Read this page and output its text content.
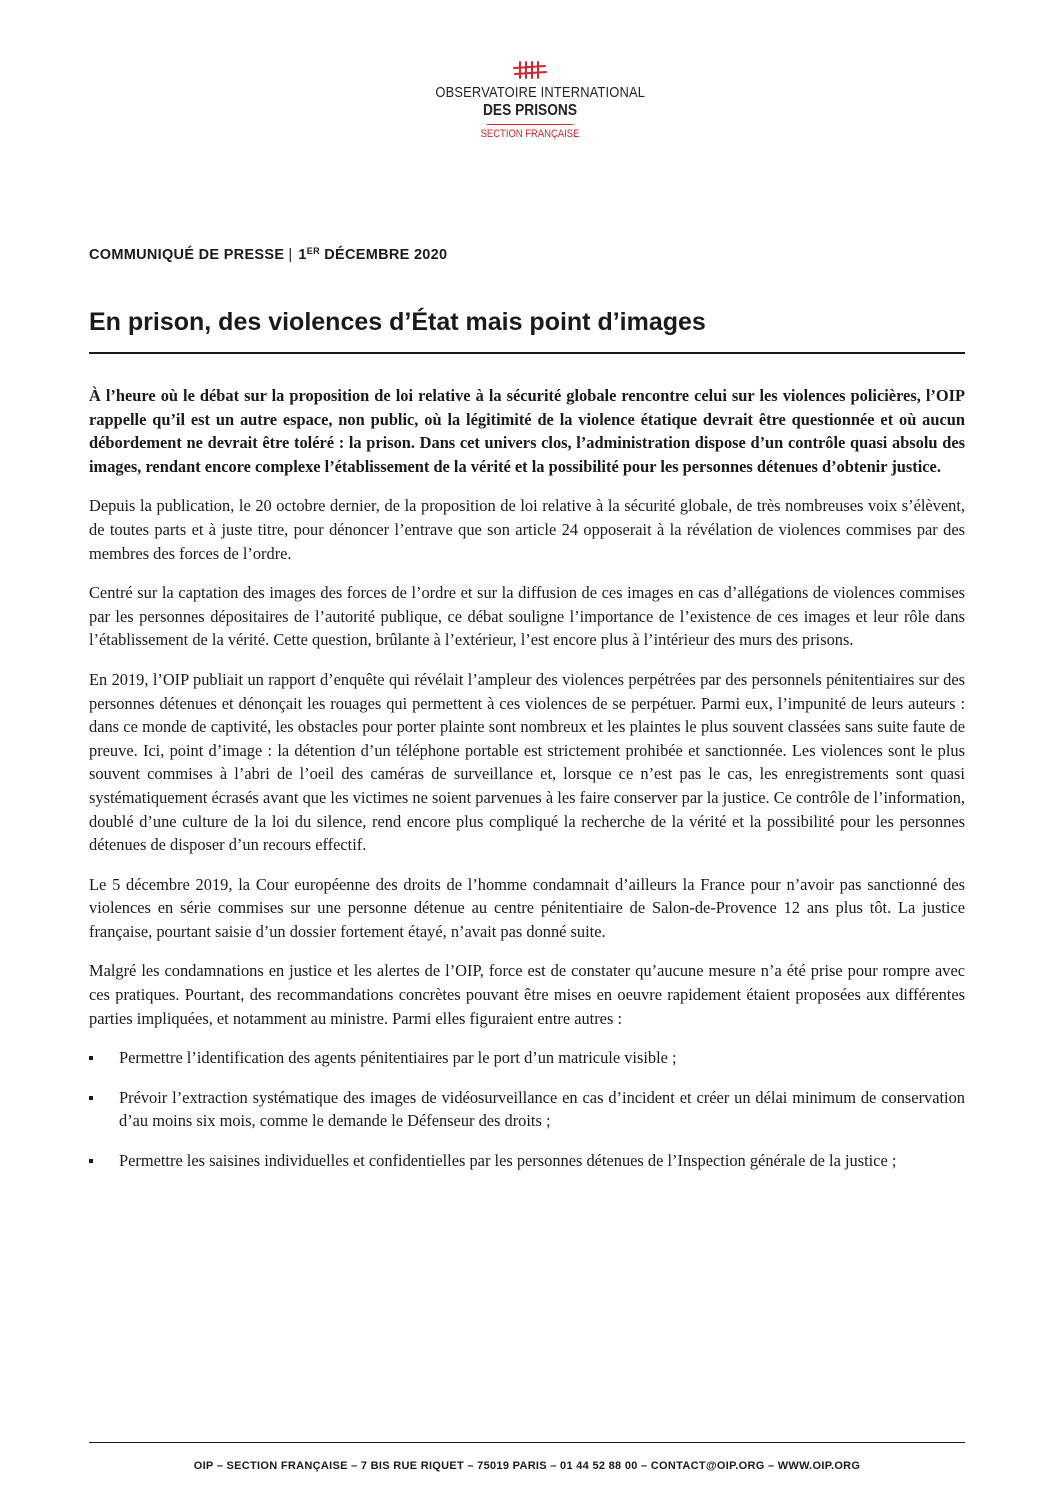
OBSERVATOIRE INTERNATIONAL
DES PRISONS
SECTION FRANÇAISE
COMMUNIQUÉ DE PRESSE | 1ER DÉCEMBRE 2020
En prison, des violences d’État mais point d’images

À l’heure où le débat sur la proposition de loi relative à la sécurité globale rencontre celui sur les violences policières, l’OIP rappelle qu’il est un autre espace, non public, où la légitimité de la violence étatique devrait être questionnée et où aucun débordement ne devrait être toléré : la prison. Dans cet univers clos, l’administration dispose d’un contrôle quasi absolu des images, rendant encore complexe l’établissement de la vérité et la possibilité pour les personnes détenues d’obtenir justice.

Depuis la publication, le 20 octobre dernier, de la proposition de loi relative à la sécurité globale, de très nombreuses voix s’élèvent, de toutes parts et à juste titre, pour dénoncer l’entrave que son article 24 opposerait à la révélation de violences commises par des membres des forces de l’ordre.

Centré sur la captation des images des forces de l’ordre et sur la diffusion de ces images en cas d’allégations de violences commises par les personnes dépositaires de l’autorité publique, ce débat souligne l’importance de l’existence de ces images et leur rôle dans l’établissement de la vérité. Cette question, brûlante à l’extérieur, l’est encore plus à l’intérieur des murs des prisons.

En 2019, l’OIP publiait un rapport d’enquête qui révélait l’ampleur des violences perpétrées par des personnels pénitentiaires sur des personnes détenues et dénonçait les rouages qui permettent à ces violences de se perpétuer. Parmi eux, l’impunité de leurs auteurs : dans ce monde de captivité, les obstacles pour porter plainte sont nombreux et les plaintes le plus souvent classées sans suite faute de preuve. Ici, point d’image : la détention d’un téléphone portable est strictement prohibée et sanctionnée. Les violences sont le plus souvent commises à l’abri de l’oeil des caméras de surveillance et, lorsque ce n’est pas le cas, les enregistrements sont quasi systématiquement écrasés avant que les victimes ne soient parvenues à les faire conserver par la justice. Ce contrôle de l’information, doublé d’une culture de la loi du silence, rend encore plus compliqué la recherche de la vérité et la possibilité pour les personnes détenues de disposer d’un recours effectif.

Le 5 décembre 2019, la Cour européenne des droits de l’homme condamnait d’ailleurs la France pour n’avoir pas sanctionné des violences en série commises sur une personne détenue au centre pénitentiaire de Salon-de-Provence 12 ans plus tôt. La justice française, pourtant saisie d’un dossier fortement étayé, n’avait pas donné suite.

Malgré les condamnations en justice et les alertes de l’OIP, force est de constater qu’aucune mesure n’a été prise pour rompre avec ces pratiques. Pourtant, des recommandations concrètes pouvant être mises en oeuvre rapidement étaient proposées aux différentes parties impliquées, et notamment au ministre. Parmi elles figuraient entre autres :

Permettre l’identification des agents pénitentiaires par le port d’un matricule visible ;
Prévoir l’extraction systématique des images de vidéosurveillance en cas d’incident et créer un délai minimum de conservation d’au moins six mois, comme le demande le Défenseur des droits ;
Permettre les saisines individuelles et confidentielles par les personnes détenues de l’Inspection générale de la justice ;
OIP – SECTION FRANÇAISE – 7 BIS RUE RIQUET – 75019 PARIS – 01 44 52 88 00 – CONTACT@OIP.ORG – WWW.OIP.ORG
